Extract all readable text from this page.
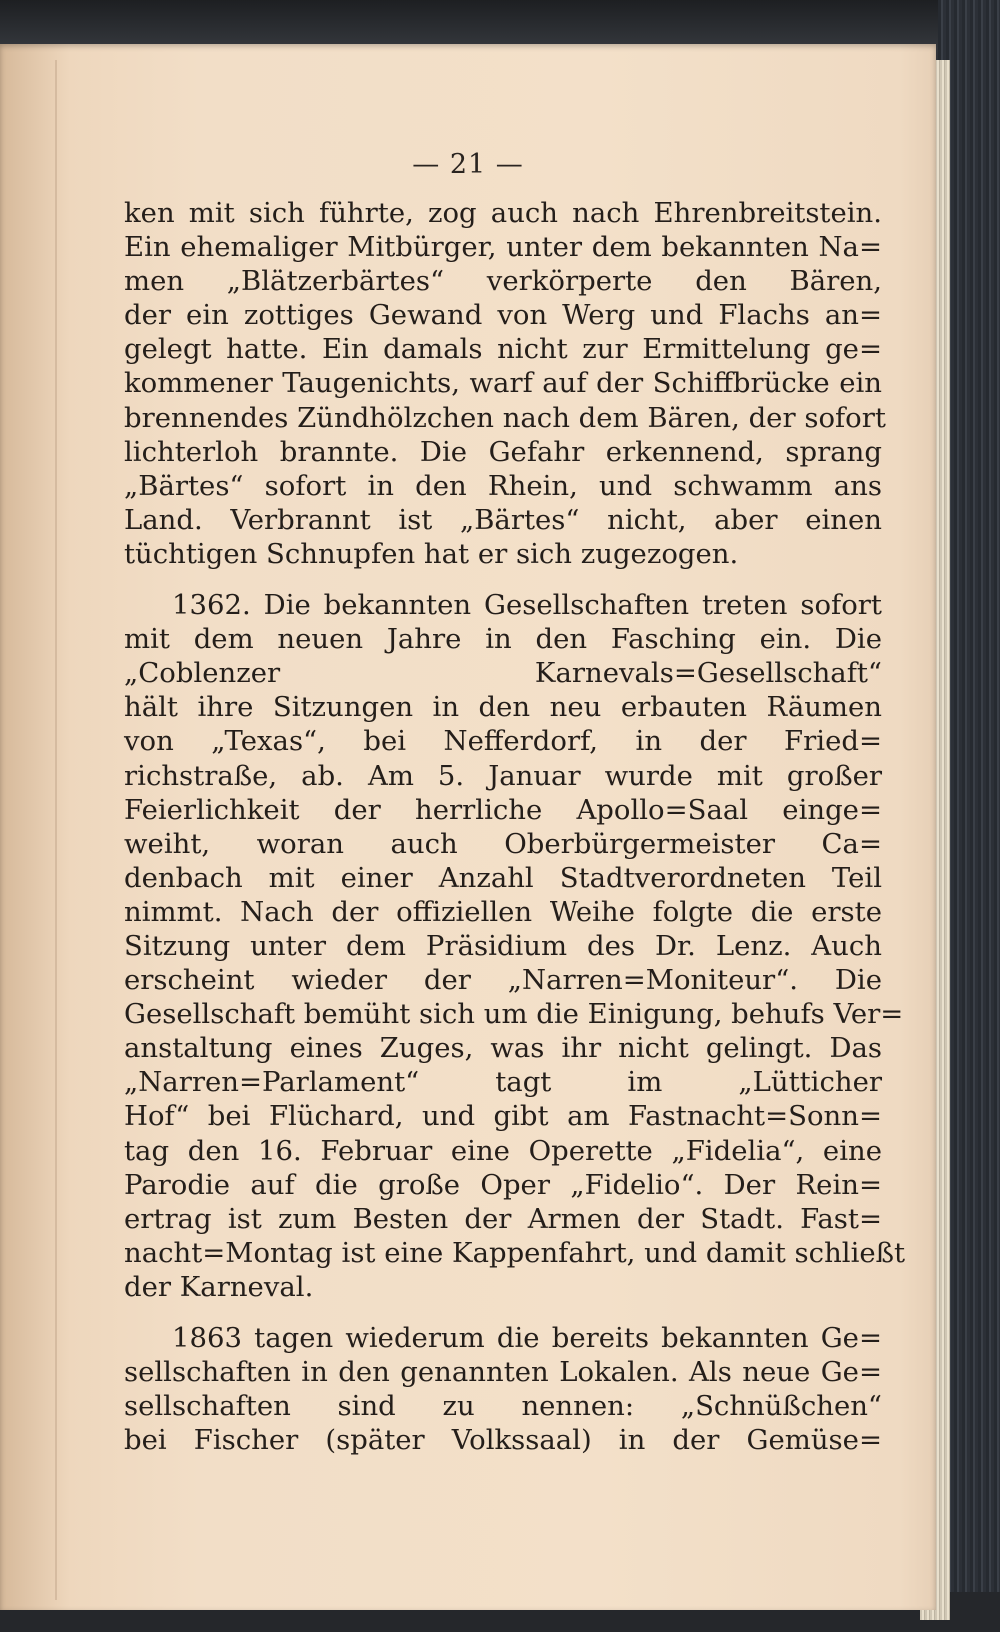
— 21 —
ken mit sich führte, zog auch nach Ehrenbreitstein.
Ein ehemaliger Mitbürger, unter dem bekannten Na=
men „Blätzerbärtes“ verkörperte den Bären,
der ein zottiges Gewand von Werg und Flachs an=
gelegt hatte. Ein damals nicht zur Ermittelung ge=
kommener Taugenichts, warf auf der Schiffbrücke ein
brennendes Zündhölzchen nach dem Bären, der sofort
lichterloh brannte. Die Gefahr erkennend, sprang
„Bärtes“ sofort in den Rhein, und schwamm ans
Land. Verbrannt ist „Bärtes“ nicht, aber einen
tüchtigen Schnupfen hat er sich zugezogen.
1362. Die bekannten Gesellschaften treten sofort
mit dem neuen Jahre in den Fasching ein. Die
„Coblenzer Karnevals=Gesellschaft“
hält ihre Sitzungen in den neu erbauten Räumen
von „Texas“, bei Nefferdorf, in der Fried=
richstraße, ab. Am 5. Januar wurde mit großer
Feierlichkeit der herrliche Apollo=Saal einge=
weiht, woran auch Oberbürgermeister Ca=
denbach mit einer Anzahl Stadtverordneten Teil
nimmt. Nach der offiziellen Weihe folgte die erste
Sitzung unter dem Präsidium des Dr. Lenz. Auch
erscheint wieder der „Narren=Moniteur“. Die
Gesellschaft bemüht sich um die Einigung, behufs Ver=
anstaltung eines Zuges, was ihr nicht gelingt. Das
„Narren=Parlament“ tagt im „Lütticher
Hof“ bei Flüchard, und gibt am Fastnacht=Sonn=
tag den 16. Februar eine Operette „Fidelia“, eine
Parodie auf die große Oper „Fidelio“. Der Rein=
ertrag ist zum Besten der Armen der Stadt. Fast=
nacht=Montag ist eine Kappenfahrt, und damit schließt
der Karneval.
1863 tagen wiederum die bereits bekannten Ge=
sellschaften in den genannten Lokalen. Als neue Ge=
sellschaften sind zu nennen: „Schnüßchen“
bei Fischer (später Volkssaal) in der Gemüse=
